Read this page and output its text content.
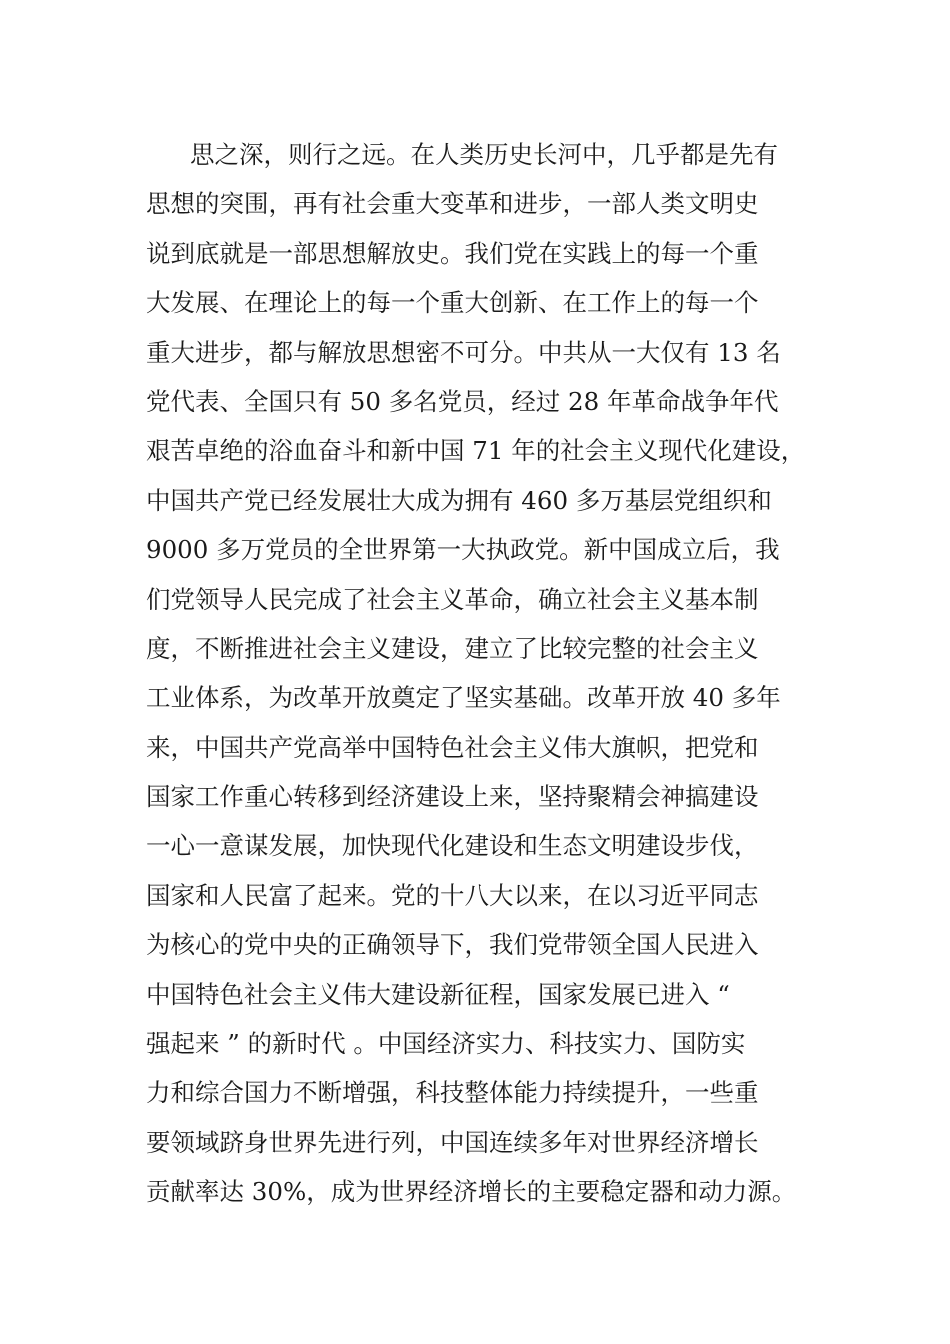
思之深，则行之远。在人类历史长河中，几乎都是先有
思想的突围，再有社会重大变革和进步，一部人类文明史
说到底就是一部思想解放史。我们党在实践上的每一个重
大发展、在理论上的每一个重大创新、在工作上的每一个
重大进步，都与解放思想密不可分。中共从一大仅有 13 名
党代表、全国只有 50 多名党员，经过 28 年革命战争年代
艰苦卓绝的浴血奋斗和新中国 71 年的社会主义现代化建设，
中国共产党已经发展壮大成为拥有 460 多万基层党组织和
9000 多万党员的全世界第一大执政党。新中国成立后，我
们党领导人民完成了社会主义革命，确立社会主义基本制
度，不断推进社会主义建设，建立了比较完整的社会主义
工业体系，为改革开放奠定了坚实基础。改革开放 40 多年
来，中国共产党高举中国特色社会主义伟大旗帜，把党和
国家工作重心转移到经济建设上来，坚持聚精会神搞建设
一心一意谋发展，加快现代化建设和生态文明建设步伐，
国家和人民富了起来。党的十八大以来，在以习近平同志
为核心的党中央的正确领导下，我们党带领全国人民进入
中国特色社会主义伟大建设新征程，国家发展已进入 “
强起来 ” 的新时代 。中国经济实力、科技实力、国防实
力和综合国力不断增强，科技整体能力持续提升，一些重
要领域跻身世界先进行列，中国连续多年对世界经济增长
贡献率达 30%，成为世界经济增长的主要稳定器和动力源。
